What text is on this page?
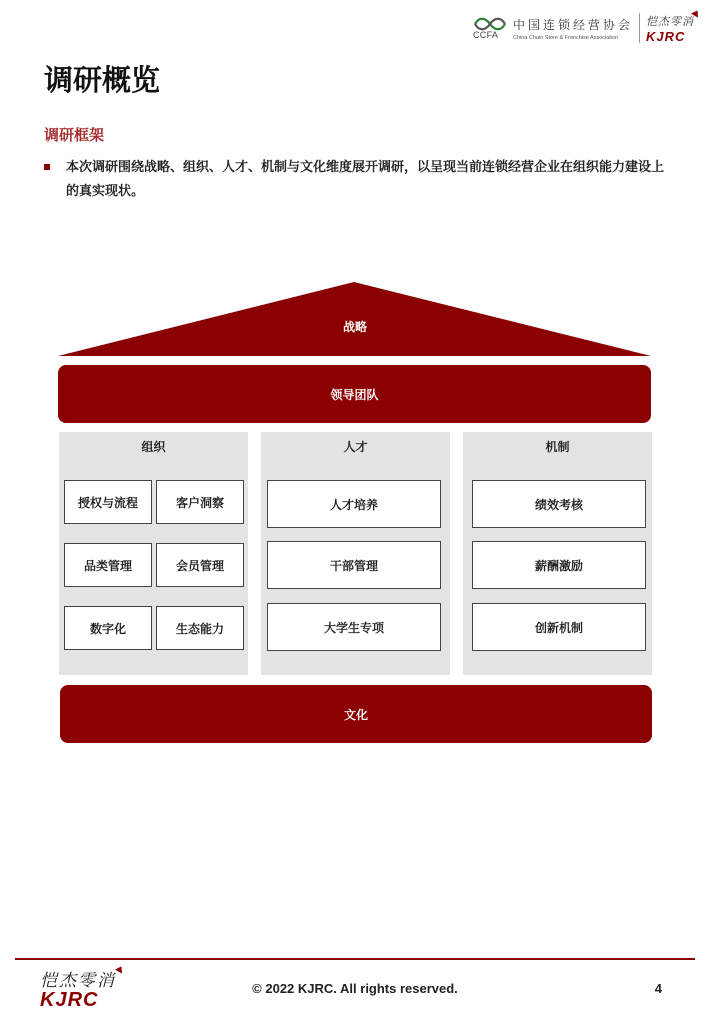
CCFA
中国连锁经营协会
China Chain Store & Franchise Association
恺杰零消
KJRC
调研概览
调研框架
本次调研围绕战略、组织、人才、机制与文化维度展开调研，以呈现当前连锁经营企业在组织能力建设上的真实现状。
战略
领导团队
组织
授权与流程	客户洞察
品类管理	会员管理
数字化	生态能力
人才
人才培养
干部管理
大学生专项
机制
绩效考核
薪酬激励
创新机制
文化
恺杰零消
KJRC
© 2022 KJRC. All rights reserved.	4
